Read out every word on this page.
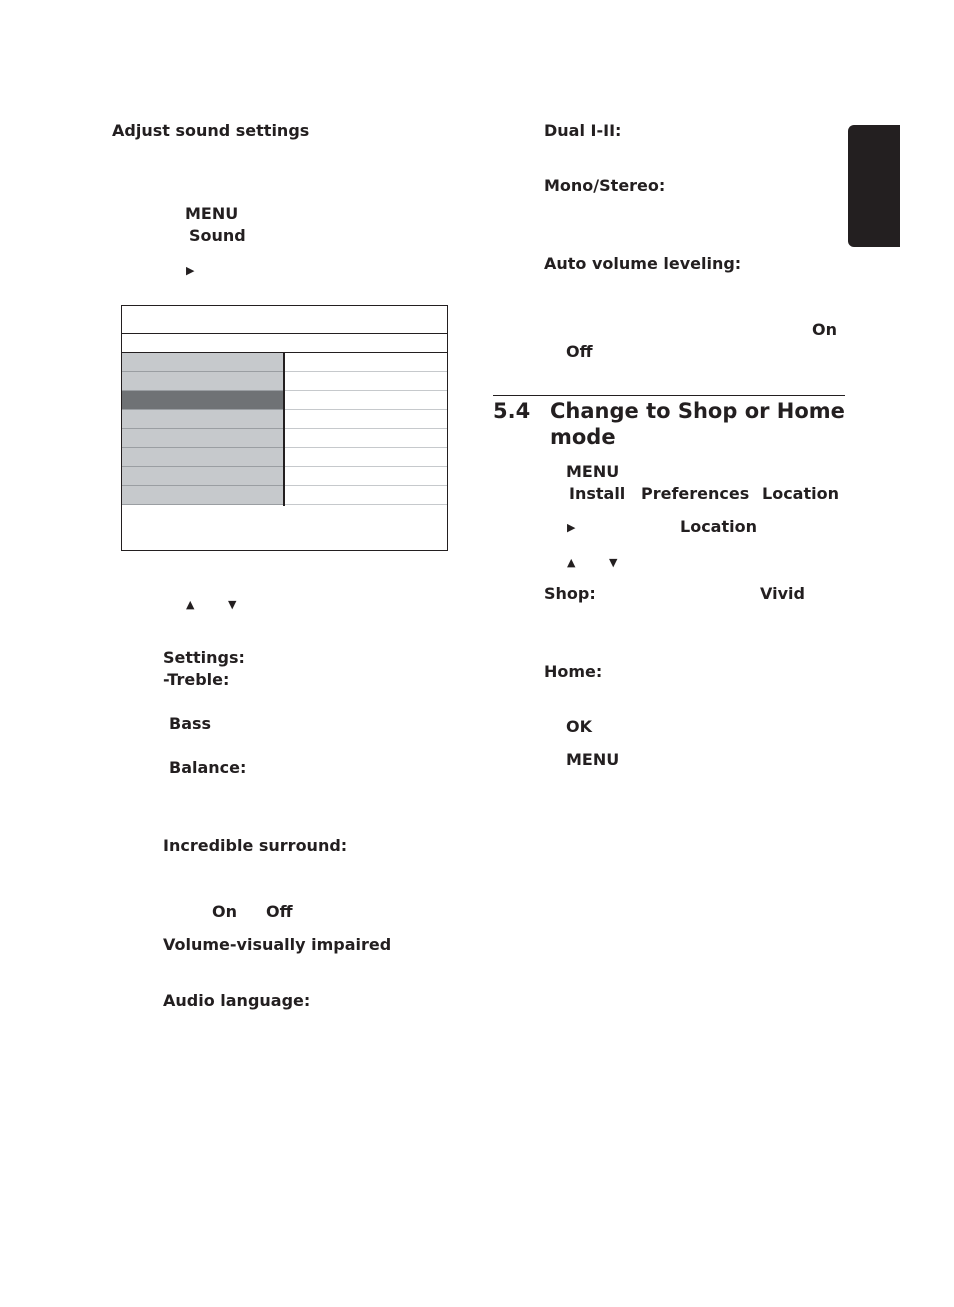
Adjust sound settings
MENU
Sound
▶
▲	▼
Settings:
-Treble:
Bass
Balance:
Incredible surround:
On Off
Volume-visually impaired
Audio language:
Dual I-II:
Mono/Stereo:
Auto volume leveling:
On
Off
5.4 Change to Shop or Home
mode
MENU
Install Preferences Location
▶	Location
▲	▼
Shop:	Vivid
Home:
OK
MENU
